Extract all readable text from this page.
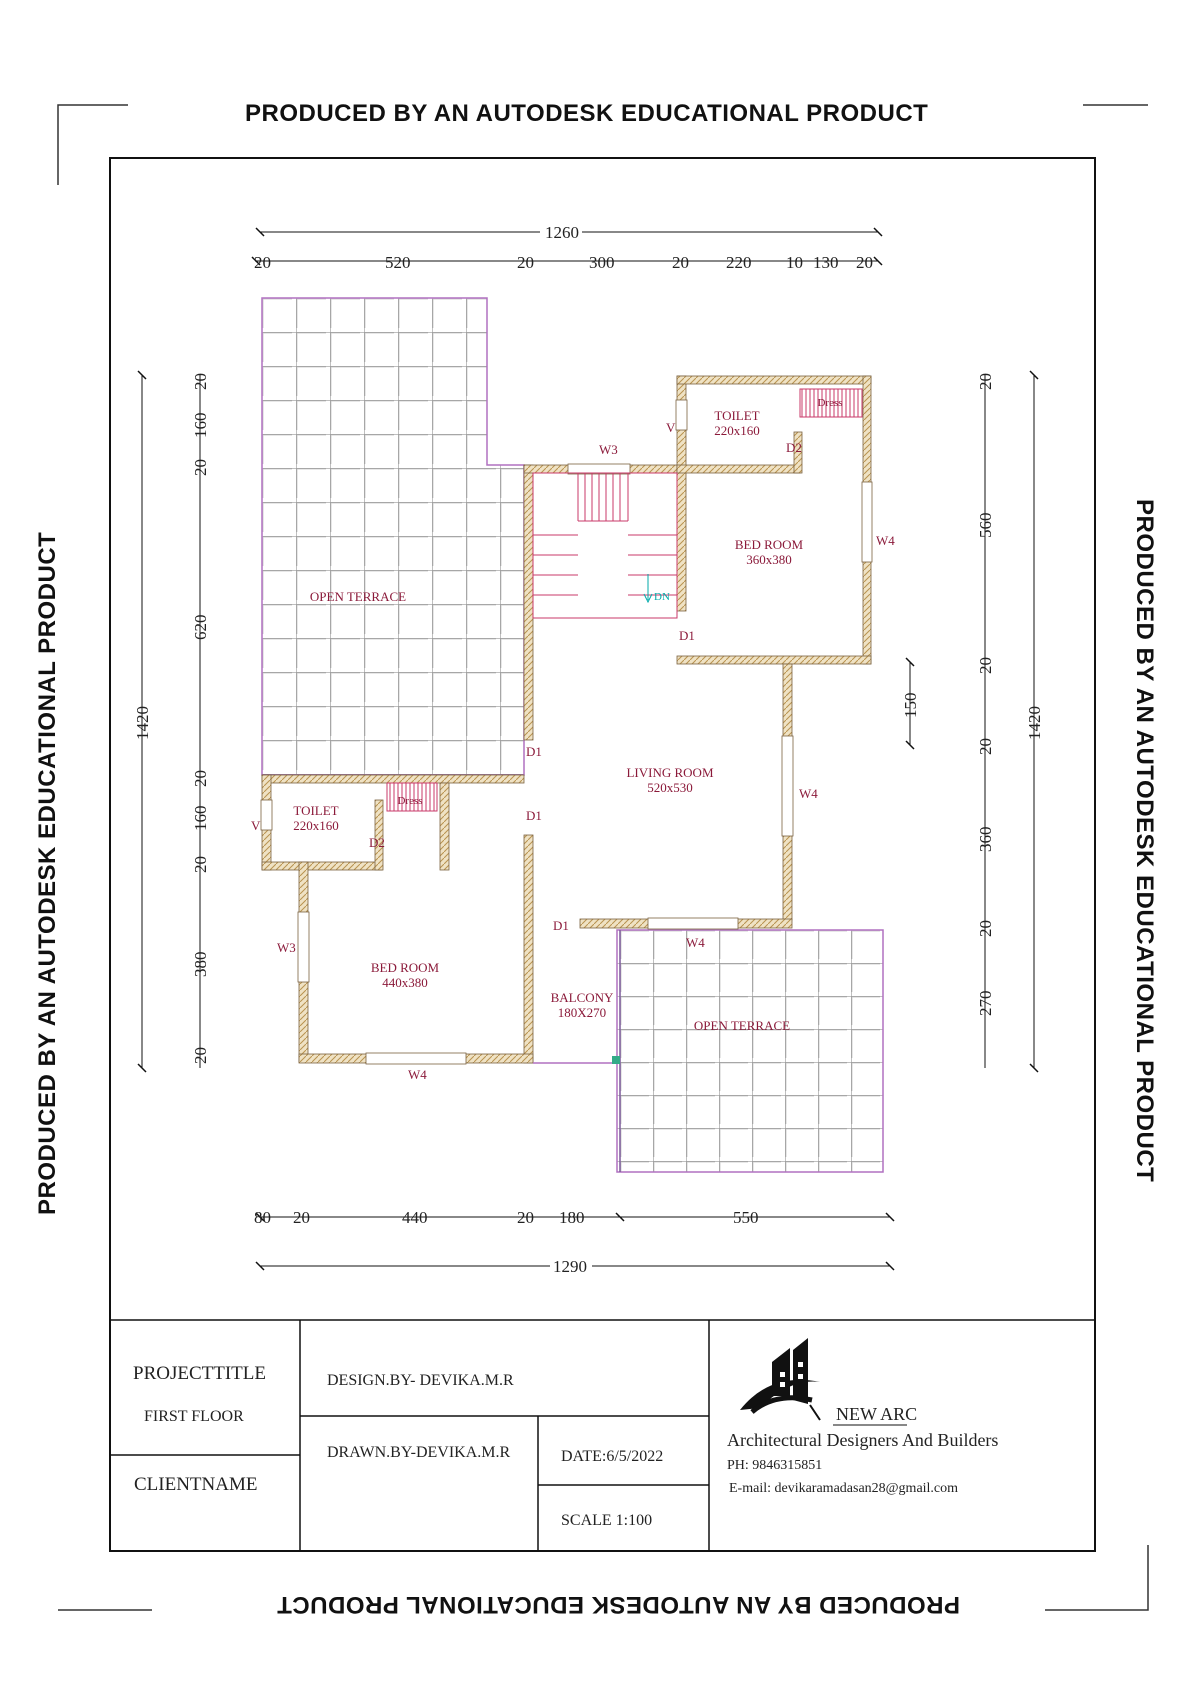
PRODUCED BY AN AUTODESK EDUCATIONAL PRODUCT
PRODUCED BY AN AUTODESK EDUCATIONAL PRODUCT
PRODUCED BY AN AUTODESK EDUCATIONAL PRODUCT
PRODUCED BY AN AUTODESK EDUCATIONAL PRODUCT
1260
20	520	20	300	20 220 10 130 20
80 20	440	20 180	550
1290
1420
20
160
20
620
20
160
20
380
20
1420
20
560
20
150
20
360
20
270
OPEN TERRACE
TOILET
220x160
Dress
BED ROOM
360x380
LIVING ROOM
520x530
TOILET
220x160
Dress
BED ROOM
440x380
BALCONY
180X270
OPEN TERRACE
DN
W3
V
D2
W4
D1
D1
D1
W4
V
D2
W3
W4
D1
W4
PROJECTTITLE
FIRST FLOOR
CLIENTNAME
DESIGN.BY- DEVIKA.M.R
DRAWN.BY-DEVIKA.M.R	DATE:6/5/2022
SCALE 1:100
NEW ARC
Architectural Designers And Builders
PH: 9846315851
E-mail: devikaramadasan28@gmail.com
